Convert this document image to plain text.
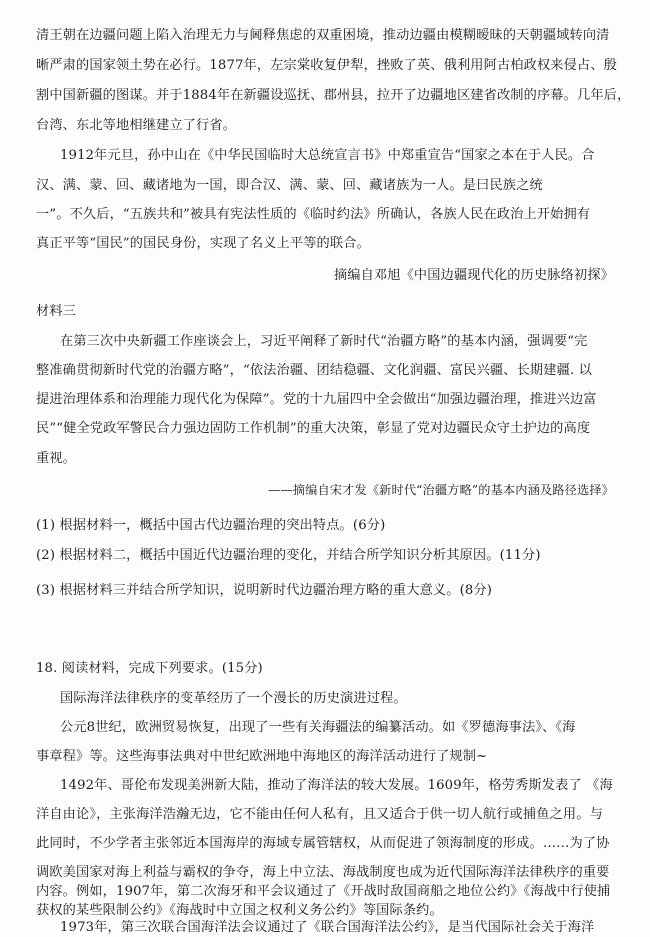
清王朝在边疆问题上陷入治理无力与阃释焦虑的双重困境，推动边疆由模糊暧昧的天朝疆域转向清
晰严肃的国家领土势在必行。1877年，左宗棠收复伊犁，挫败了英、俄利用阿古柏政权来侵占、殷
割中国新疆的图谋。并于1884年在新疆设巡抚、郡州县，拉开了边疆地区建省改制的序幕。几年后，
台湾、东北等地相继建立了行省。
1912年元旦，孙中山在《中华民国临时大总统宣言书》中郑重宣告“国家之本在于人民。合
汉、满、蒙、回、藏诸地为一国，即合汉、满、蒙、回、藏诸族为一人。是曰民族之统
一”。不久后，“五族共和”被具有宪法性质的《临时约法》所确认，各族人民在政治上开始拥有
真正平等“国民”的国民身份，实现了名义上平等的联合。
摘编自邓旭《中国边疆现代化的历史脉络初探》
材料三
在第三次中央新疆工作座谈会上，习近平阐释了新时代“治疆方略”的基本内涵，强调要“完
整准确贯彻新时代党的治疆方略”，“依法治疆、团结稳疆、文化润疆、富民兴疆、长期建疆. 以
提进治理体系和治理能力现代化为保障”。党的十九届四中全会做出“加强边疆治理，推进兴边富
民”“健全党政军警民合力强边固防工作机制”的重大决策，彰显了党对边疆民众守土护边的高度
重视。
——摘编自宋才发《新时代“治疆方略”的基本内涵及路径选择》
(1) 根据材料一，概括中国古代边疆治理的突出特点。(6分)
(2) 根据材料二，概括中国近代边疆治理的变化，并结合所学知识分析其原因。(11分)
(3) 根据材料三并结合所学知识，说明新时代边疆治理方略的重大意义。(8分)
18. 阅读材料，完成下列要求。(15分)
国际海洋法律秩序的变革经历了一个漫长的历史演进过程。
公元8世纪，欧洲贸易恢复，出现了一些有关海疆法的编纂活动。如《罗德海事法》、《海
事章程》等。这些海事法典对中世纪欧洲地中海地区的海洋活动进行了规制~
1492年、哥伦布发现美洲新大陆，推动了海洋法的较大发展。1609年，格劳秀斯发表了 《海
洋自由论》，主张海洋浩瀚无边，它不能由任何人私有，且又适合于供一切人航行或捕鱼之用。与
此同时，不少学者主张邻近本国海岸的海域专属管辖权，从而促进了领海制度的形成。……为了协
调欧美国家对海上利益与霸权的争夺，海上中立法、海战制度也成为近代国际海洋法律秩序的重要
内容。例如，1907年，第二次海牙和平会议通过了《开战时敌国商船之地位公约》《海战中行使捕
获权的某些限制公约》《海战时中立国之权利义务公约》等国际条约。
1973年，第三次联合国海洋法会议通过了《联合国海洋法公约》，是当代国际社会关于海洋
